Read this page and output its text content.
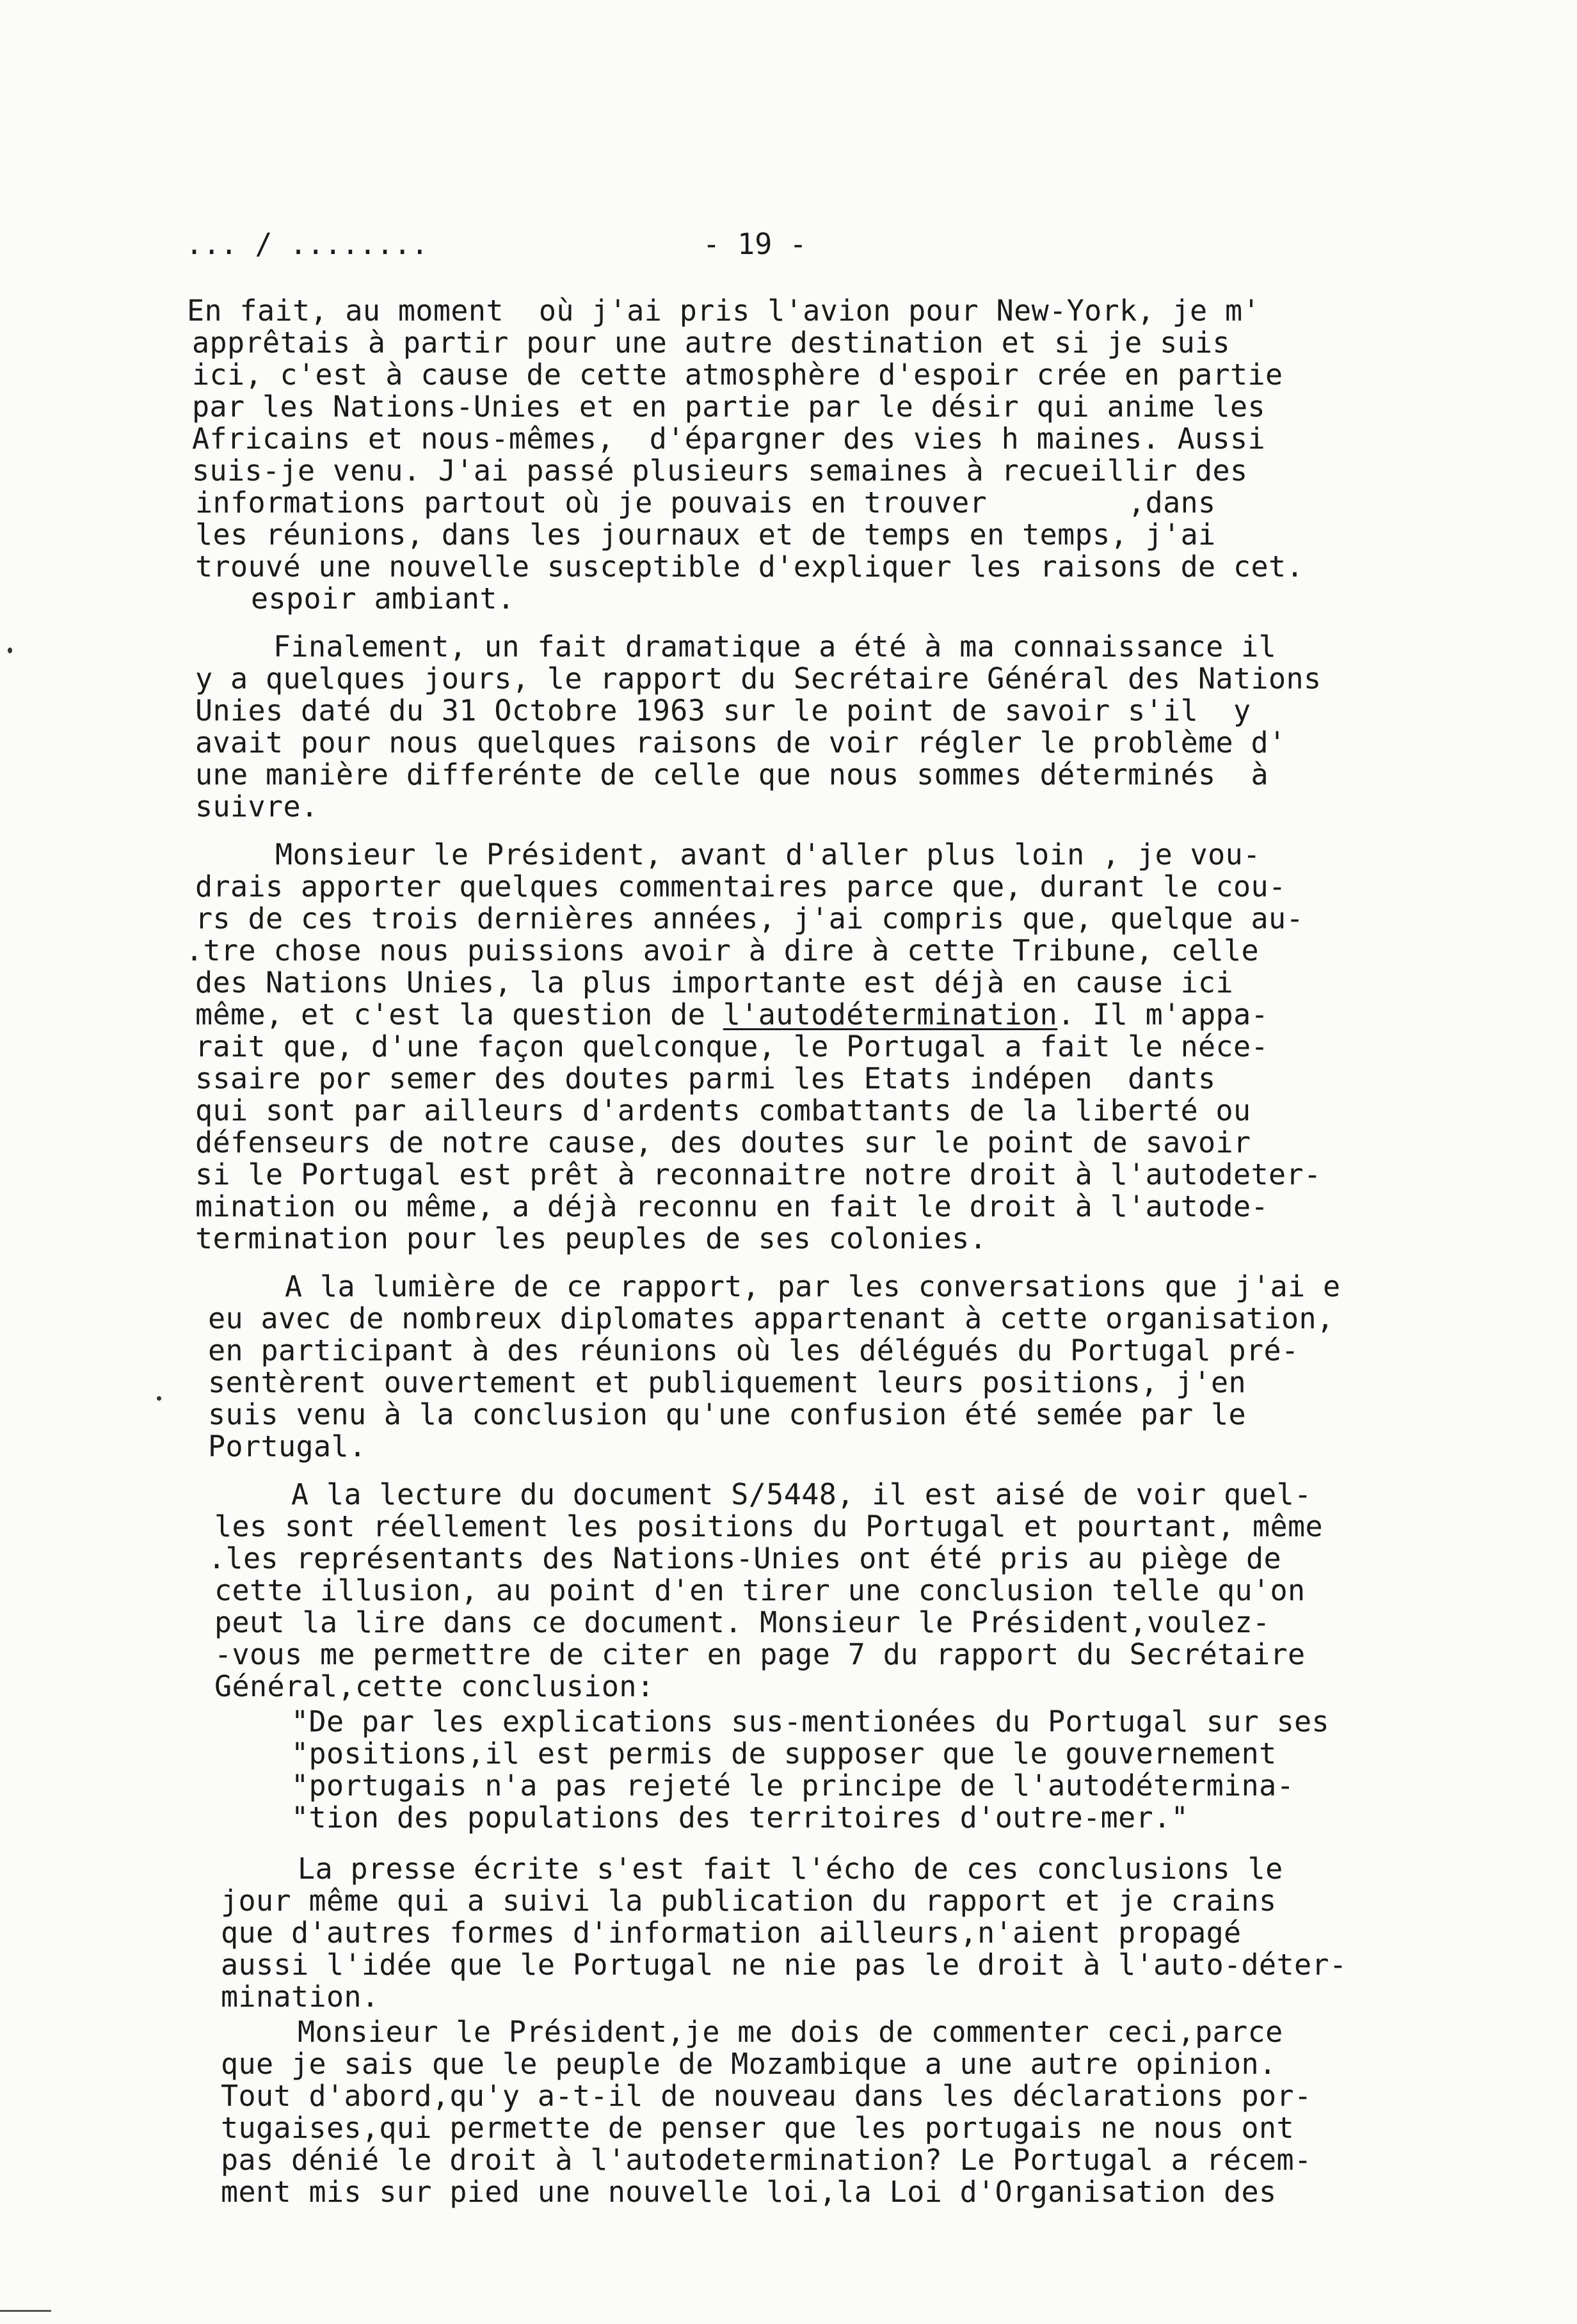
... / ........	- 19 -
En fait, au moment  où j'ai pris l'avion pour New-York, je m'
apprêtais à partir pour une autre destination et si je suis
ici, c'est à cause de cette atmosphère d'espoir crée en partie
par les Nations-Unies et en partie par le désir qui anime les
Africains et nous-mêmes,  d'épargner des vies h maines. Aussi
suis-je venu. J'ai passé plusieurs semaines à recueillir des
informations partout où je pouvais en trouver        ,dans
les réunions, dans les journaux et de temps en temps, j'ai
trouvé une nouvelle susceptible d'expliquer les raisons de cet.
espoir ambiant.
Finalement, un fait dramatique a été à ma connaissance il
y a quelques jours, le rapport du Secrétaire Général des Nations
Unies daté du 31 Octobre 1963 sur le point de savoir s'il  y
avait pour nous quelques raisons de voir régler le problème d'
une manière differénte de celle que nous sommes déterminés  à
suivre.
Monsieur le Président, avant d'aller plus loin , je vou-
drais apporter quelques commentaires parce que, durant le cou-
rs de ces trois dernières années, j'ai compris que, quelque au-
.tre chose nous puissions avoir à dire à cette Tribune, celle
des Nations Unies, la plus importante est déjà en cause ici
même, et c'est la question de l'autodétermination. Il m'appa-
rait que, d'une façon quelconque, le Portugal a fait le néce-
ssaire por semer des doutes parmi les Etats indépen  dants
qui sont par ailleurs d'ardents combattants de la liberté ou
défenseurs de notre cause, des doutes sur le point de savoir
si le Portugal est prêt à reconnaitre notre droit à l'autodeter-
mination ou même, a déjà reconnu en fait le droit à l'autode-
termination pour les peuples de ses colonies.
A la lumière de ce rapport, par les conversations que j'ai e
eu avec de nombreux diplomates appartenant à cette organisation,
en participant à des réunions où les délégués du Portugal pré-
sentèrent ouvertement et publiquement leurs positions, j'en
suis venu à la conclusion qu'une confusion été semée par le
Portugal.
A la lecture du document S/5448, il est aisé de voir quel-
les sont réellement les positions du Portugal et pourtant, même
.les représentants des Nations-Unies ont été pris au piège de
cette illusion, au point d'en tirer une conclusion telle qu'on
peut la lire dans ce document. Monsieur le Président,voulez-
-vous me permettre de citer en page 7 du rapport du Secrétaire
Général,cette conclusion:
"De par les explications sus-mentionées du Portugal sur ses
"positions,il est permis de supposer que le gouvernement
"portugais n'a pas rejeté le principe de l'autodétermina-
"tion des populations des territoires d'outre-mer."
La presse écrite s'est fait l'écho de ces conclusions le
jour même qui a suivi la publication du rapport et je crains
que d'autres formes d'information ailleurs,n'aient propagé
aussi l'idée que le Portugal ne nie pas le droit à l'auto-déter-
mination.
Monsieur le Président,je me dois de commenter ceci,parce
que je sais que le peuple de Mozambique a une autre opinion.
Tout d'abord,qu'y a-t-il de nouveau dans les déclarations por-
tugaises,qui permette de penser que les portugais ne nous ont
pas dénié le droit à l'autodetermination? Le Portugal a récem-
ment mis sur pied une nouvelle loi,la Loi d'Organisation des
